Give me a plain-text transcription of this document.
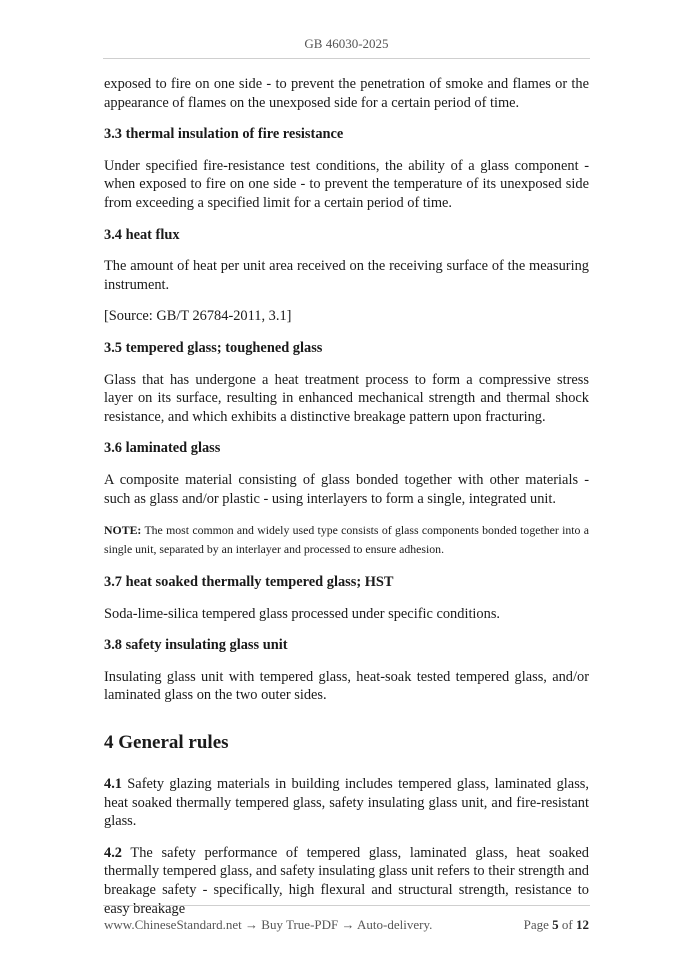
GB 46030-2025

exposed to fire on one side - to prevent the penetration of smoke and flames or the appearance of flames on the unexposed side for a certain period of time.

3.3 thermal insulation of fire resistance

Under specified fire-resistance test conditions, the ability of a glass component - when exposed to fire on one side - to prevent the temperature of its unexposed side from exceeding a specified limit for a certain period of time.

3.4 heat flux

The amount of heat per unit area received on the receiving surface of the measuring instrument.

[Source: GB/T 26784-2011, 3.1]

3.5 tempered glass; toughened glass

Glass that has undergone a heat treatment process to form a compressive stress layer on its surface, resulting in enhanced mechanical strength and thermal shock resistance, and which exhibits a distinctive breakage pattern upon fracturing.

3.6 laminated glass

A composite material consisting of glass bonded together with other materials - such as glass and/or plastic - using interlayers to form a single, integrated unit.

NOTE: The most common and widely used type consists of glass components bonded together into a single unit, separated by an interlayer and processed to ensure adhesion.

3.7 heat soaked thermally tempered glass; HST

Soda-lime-silica tempered glass processed under specific conditions.

3.8 safety insulating glass unit

Insulating glass unit with tempered glass, heat-soak tested tempered glass, and/or laminated glass on the two outer sides.

4 General rules

4.1 Safety glazing materials in building includes tempered glass, laminated glass, heat soaked thermally tempered glass, safety insulating glass unit, and fire-resistant glass.

4.2 The safety performance of tempered glass, laminated glass, heat soaked thermally tempered glass, and safety insulating glass unit refers to their strength and breakage safety - specifically, high flexural and structural strength, resistance to easy breakage

www.ChineseStandard.net → Buy True-PDF → Auto-delivery.	Page 5 of 12
